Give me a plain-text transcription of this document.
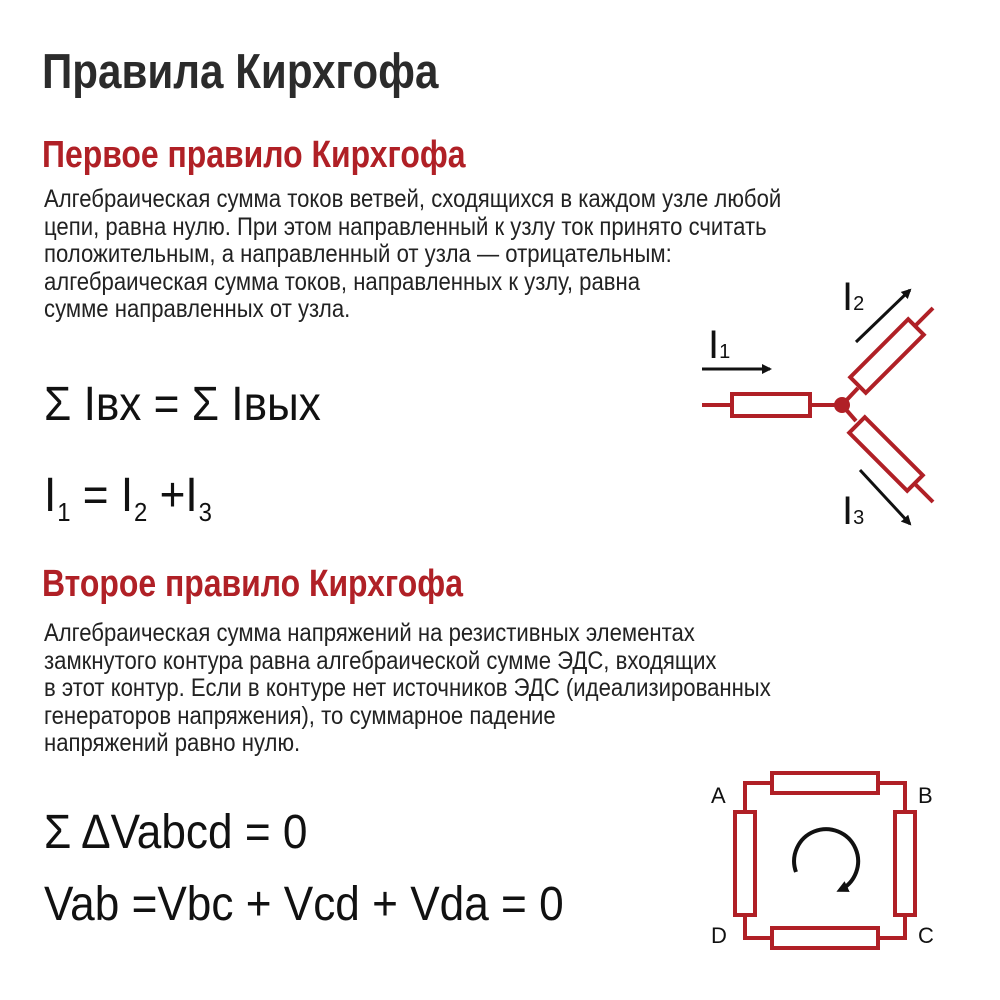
Правила Кирхгофа
Первое правило Кирхгофа
Алгебраическая сумма токов ветвей, сходящихся в каждом узле любой
цепи, равна нулю. При этом направленный к узлу ток принято считать
положительным, а направленный от узла — отрицательным:
алгебраическая сумма токов, направленных к узлу, равна
сумме направленных от узла.
Σ Iвх = Σ Iвых
$I_1 = I_2 +I_3$
I1
I2
I3
Второе правило Кирхгофа
Алгебраическая сумма напряжений на резистивных элементах
замкнутого контура равна алгебраической сумме ЭДС, входящих
в этот контур. Если в контуре нет источников ЭДС (идеализированных
генераторов напряжения), то суммарное падение
напряжений равно нулю.
Σ ΔVabcd = 0
Vab =Vbc + Vcd + Vda = 0
A	B
C
D
